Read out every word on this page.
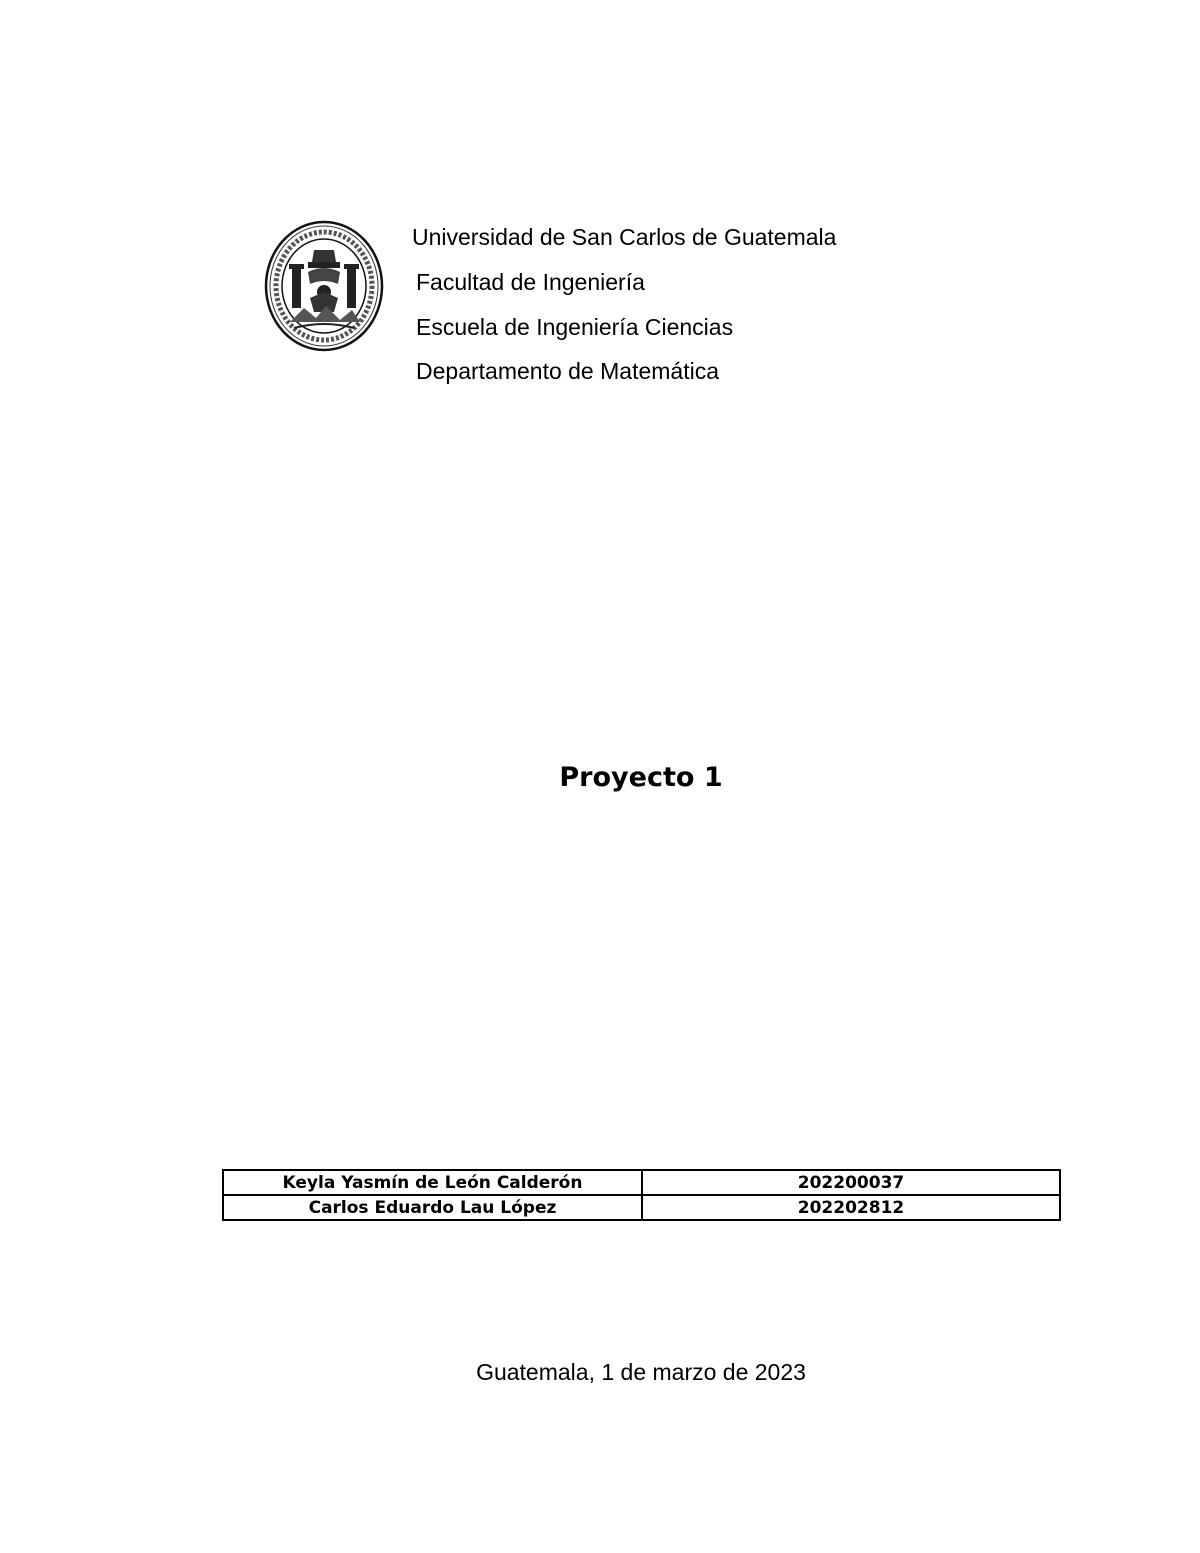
Universidad de San Carlos de Guatemala
Facultad de Ingeniería
Escuela de Ingeniería Ciencias
Departamento de Matemática
Proyecto 1
Keyla Yasmín de León Calderón	202200037
Carlos Eduardo Lau López	202202812
Guatemala, 1 de marzo de 2023
